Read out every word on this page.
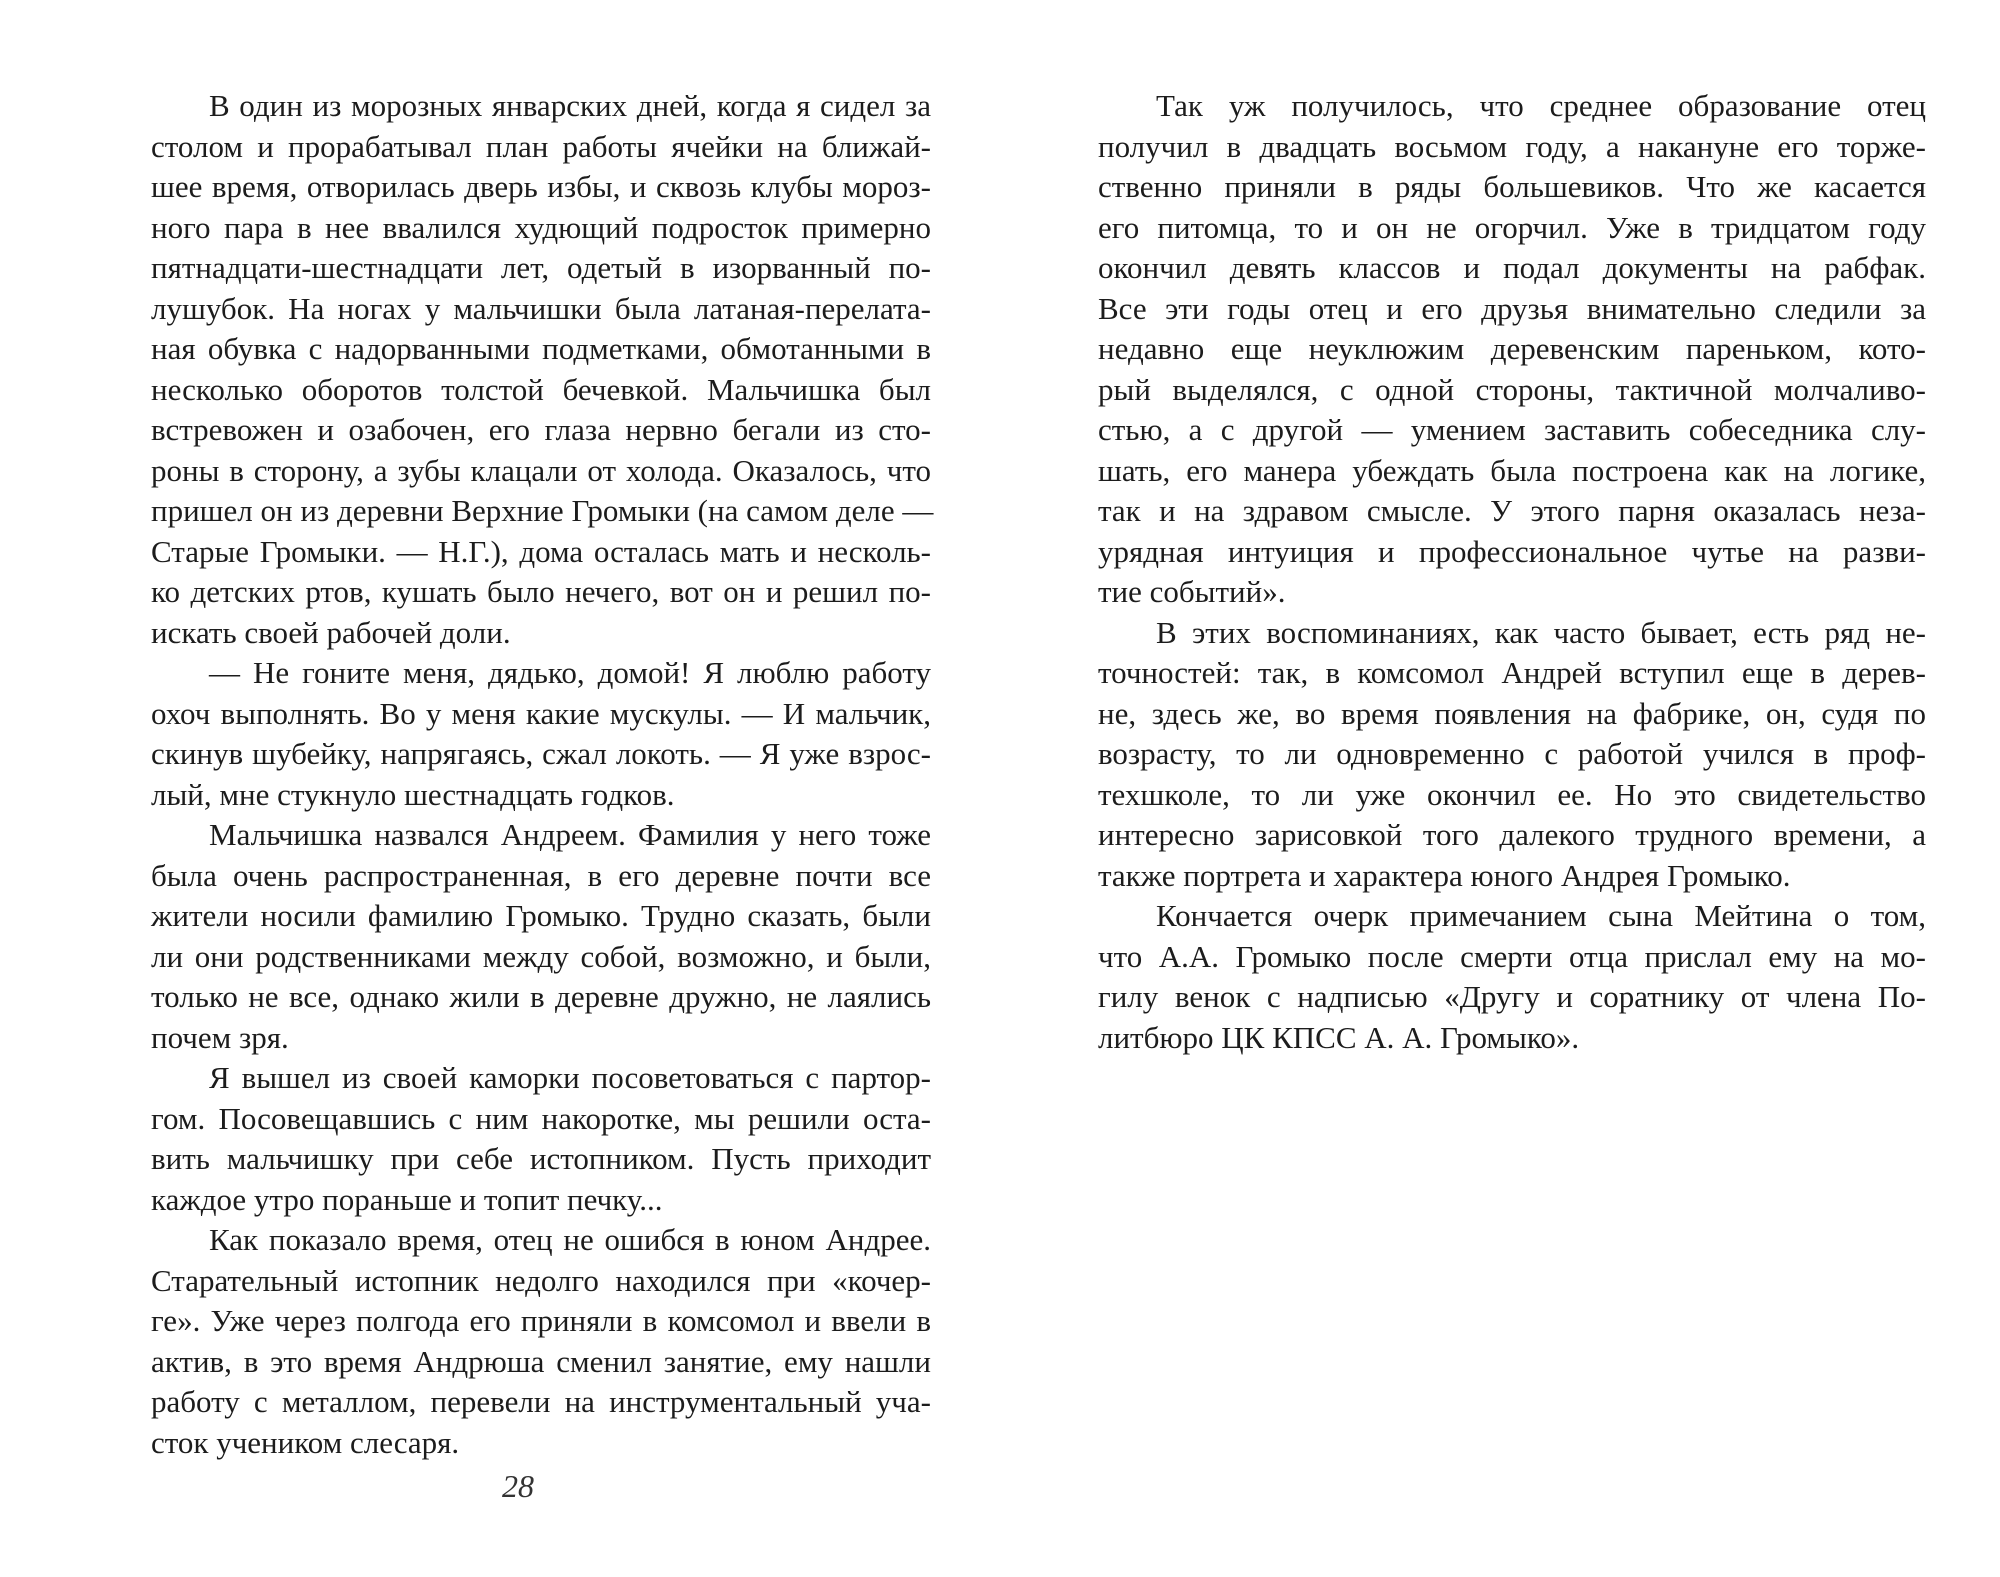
В один из морозных январских дней, когда я сидел за
столом и прорабатывал план работы ячейки на ближай-
шее время, отворилась дверь избы, и сквозь клубы мороз-
ного пара в нее ввалился худющий подросток примерно
пятнадцати-шестнадцати лет, одетый в изорванный по-
лушубок. На ногах у мальчишки была латаная-перелата-
ная обувка с надорванными подметками, обмотанными в
несколько оборотов толстой бечевкой. Мальчишка был
встревожен и озабочен, его глаза нервно бегали из сто-
роны в сторону, а зубы клацали от холода. Оказалось, что
пришел он из деревни Верхние Громыки (на самом деле —
Старые Громыки. — Н.Г.), дома осталась мать и несколь-
ко детских ртов, кушать было нечего, вот он и решил по-
искать своей рабочей доли.
— Не гоните меня, дядько, домой! Я люблю работу
охоч выполнять. Во у меня какие мускулы. — И мальчик,
скинув шубейку, напрягаясь, сжал локоть. — Я уже взрос-
лый, мне стукнуло шестнадцать годков.
Мальчишка назвался Андреем. Фамилия у него тоже
была очень распространенная, в его деревне почти все
жители носили фамилию Громыко. Трудно сказать, были
ли они родственниками между собой, возможно, и были,
только не все, однако жили в деревне дружно, не лаялись
почем зря.
Я вышел из своей каморки посоветоваться с партор-
гом. Посовещавшись с ним накоротке, мы решили оста-
вить мальчишку при себе истопником. Пусть приходит
каждое утро пораньше и топит печку...
Как показало время, отец не ошибся в юном Андрее.
Старательный истопник недолго находился при «кочер-
ге». Уже через полгода его приняли в комсомол и ввели в
актив, в это время Андрюша сменил занятие, ему нашли
работу с металлом, перевели на инструментальный уча-
сток учеником слесаря.
28
Так уж получилось, что среднее образование отец
получил в двадцать восьмом году, а накануне его торже-
ственно приняли в ряды большевиков. Что же касается
его питомца, то и он не огорчил. Уже в тридцатом году
окончил девять классов и подал документы на рабфак.
Все эти годы отец и его друзья внимательно следили за
недавно еще неуклюжим деревенским пареньком, кото-
рый выделялся, с одной стороны, тактичной молчаливо-
стью, а с другой — умением заставить собеседника слу-
шать, его манера убеждать была построена как на логике,
так и на здравом смысле. У этого парня оказалась неза-
урядная интуиция и профессиональное чутье на разви-
тие событий».
В этих воспоминаниях, как часто бывает, есть ряд не-
точностей: так, в комсомол Андрей вступил еще в дерев-
не, здесь же, во время появления на фабрике, он, судя по
возрасту, то ли одновременно с работой учился в проф-
техшколе, то ли уже окончил ее. Но это свидетельство
интересно зарисовкой того далекого трудного времени, а
также портрета и характера юного Андрея Громыко.
Кончается очерк примечанием сына Мейтина о том,
что А.А. Громыко после смерти отца прислал ему на мо-
гилу венок с надписью «Другу и соратнику от члена По-
литбюро ЦК КПСС А. А. Громыко».
